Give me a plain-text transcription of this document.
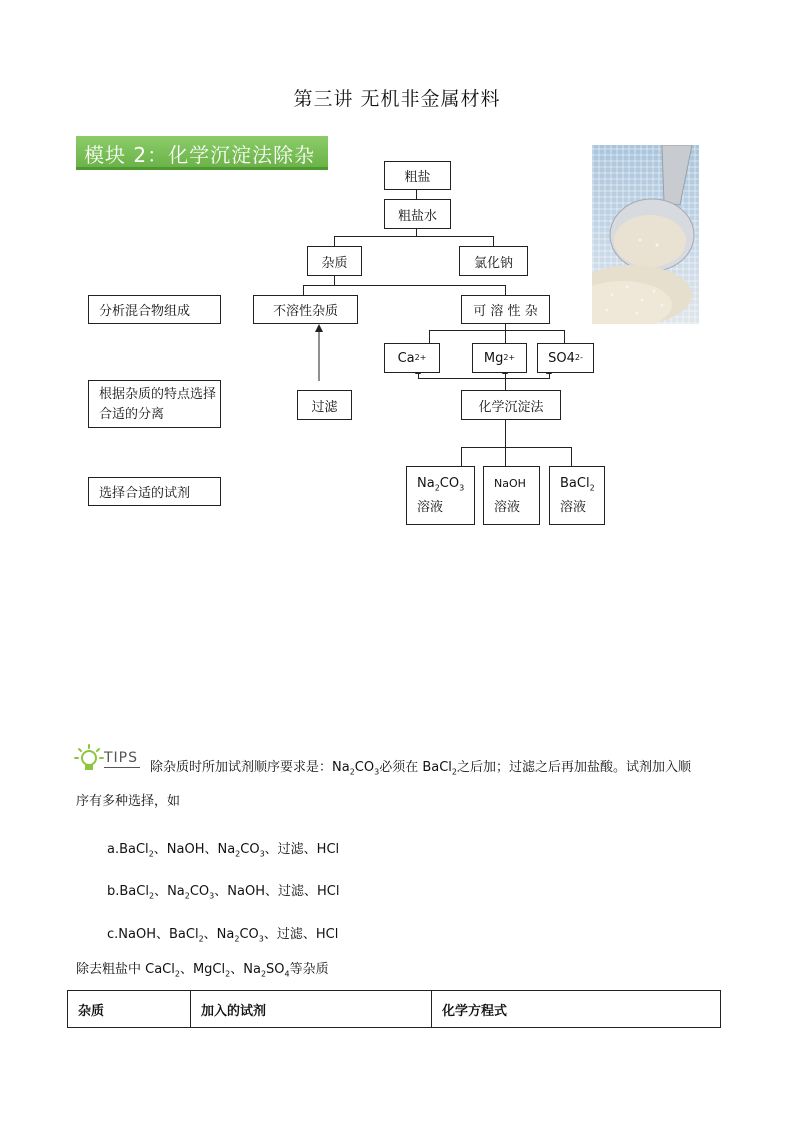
第三讲 无机非金属材料
模块 2：化学沉淀法除杂
粗盐
粗盐水
杂质	氯化钠
不溶性杂质	可 溶 性 杂
Ca 2+	Mg 2+	SO4 2-
过滤	化学沉淀法
分析混合物组成
根据杂质的特点选择合适的分离
选择合适的试剂
$Na_2CO_3$
溶液
NaOH
溶液
BaCl$_2$
溶液
TIPS
除杂质时所加试剂顺序要求是：$Na_2CO_3$必须在 BaCl$_2$之后加；过滤之后再加盐酸。试剂加入顺
序有多种选择，如
a.BaCl$_2$、NaOH、$Na_2CO_3$、过滤、HCl
b.BaCl$_2$、$Na_2CO_3$、NaOH、过滤、HCl
c.NaOH、BaCl$_2$、$Na_2CO_3$、过滤、HCl
除去粗盐中 CaCl$_2$、MgCl$_2$、$Na_2SO_4$等杂质
杂质	加入的试剂	化学方程式
